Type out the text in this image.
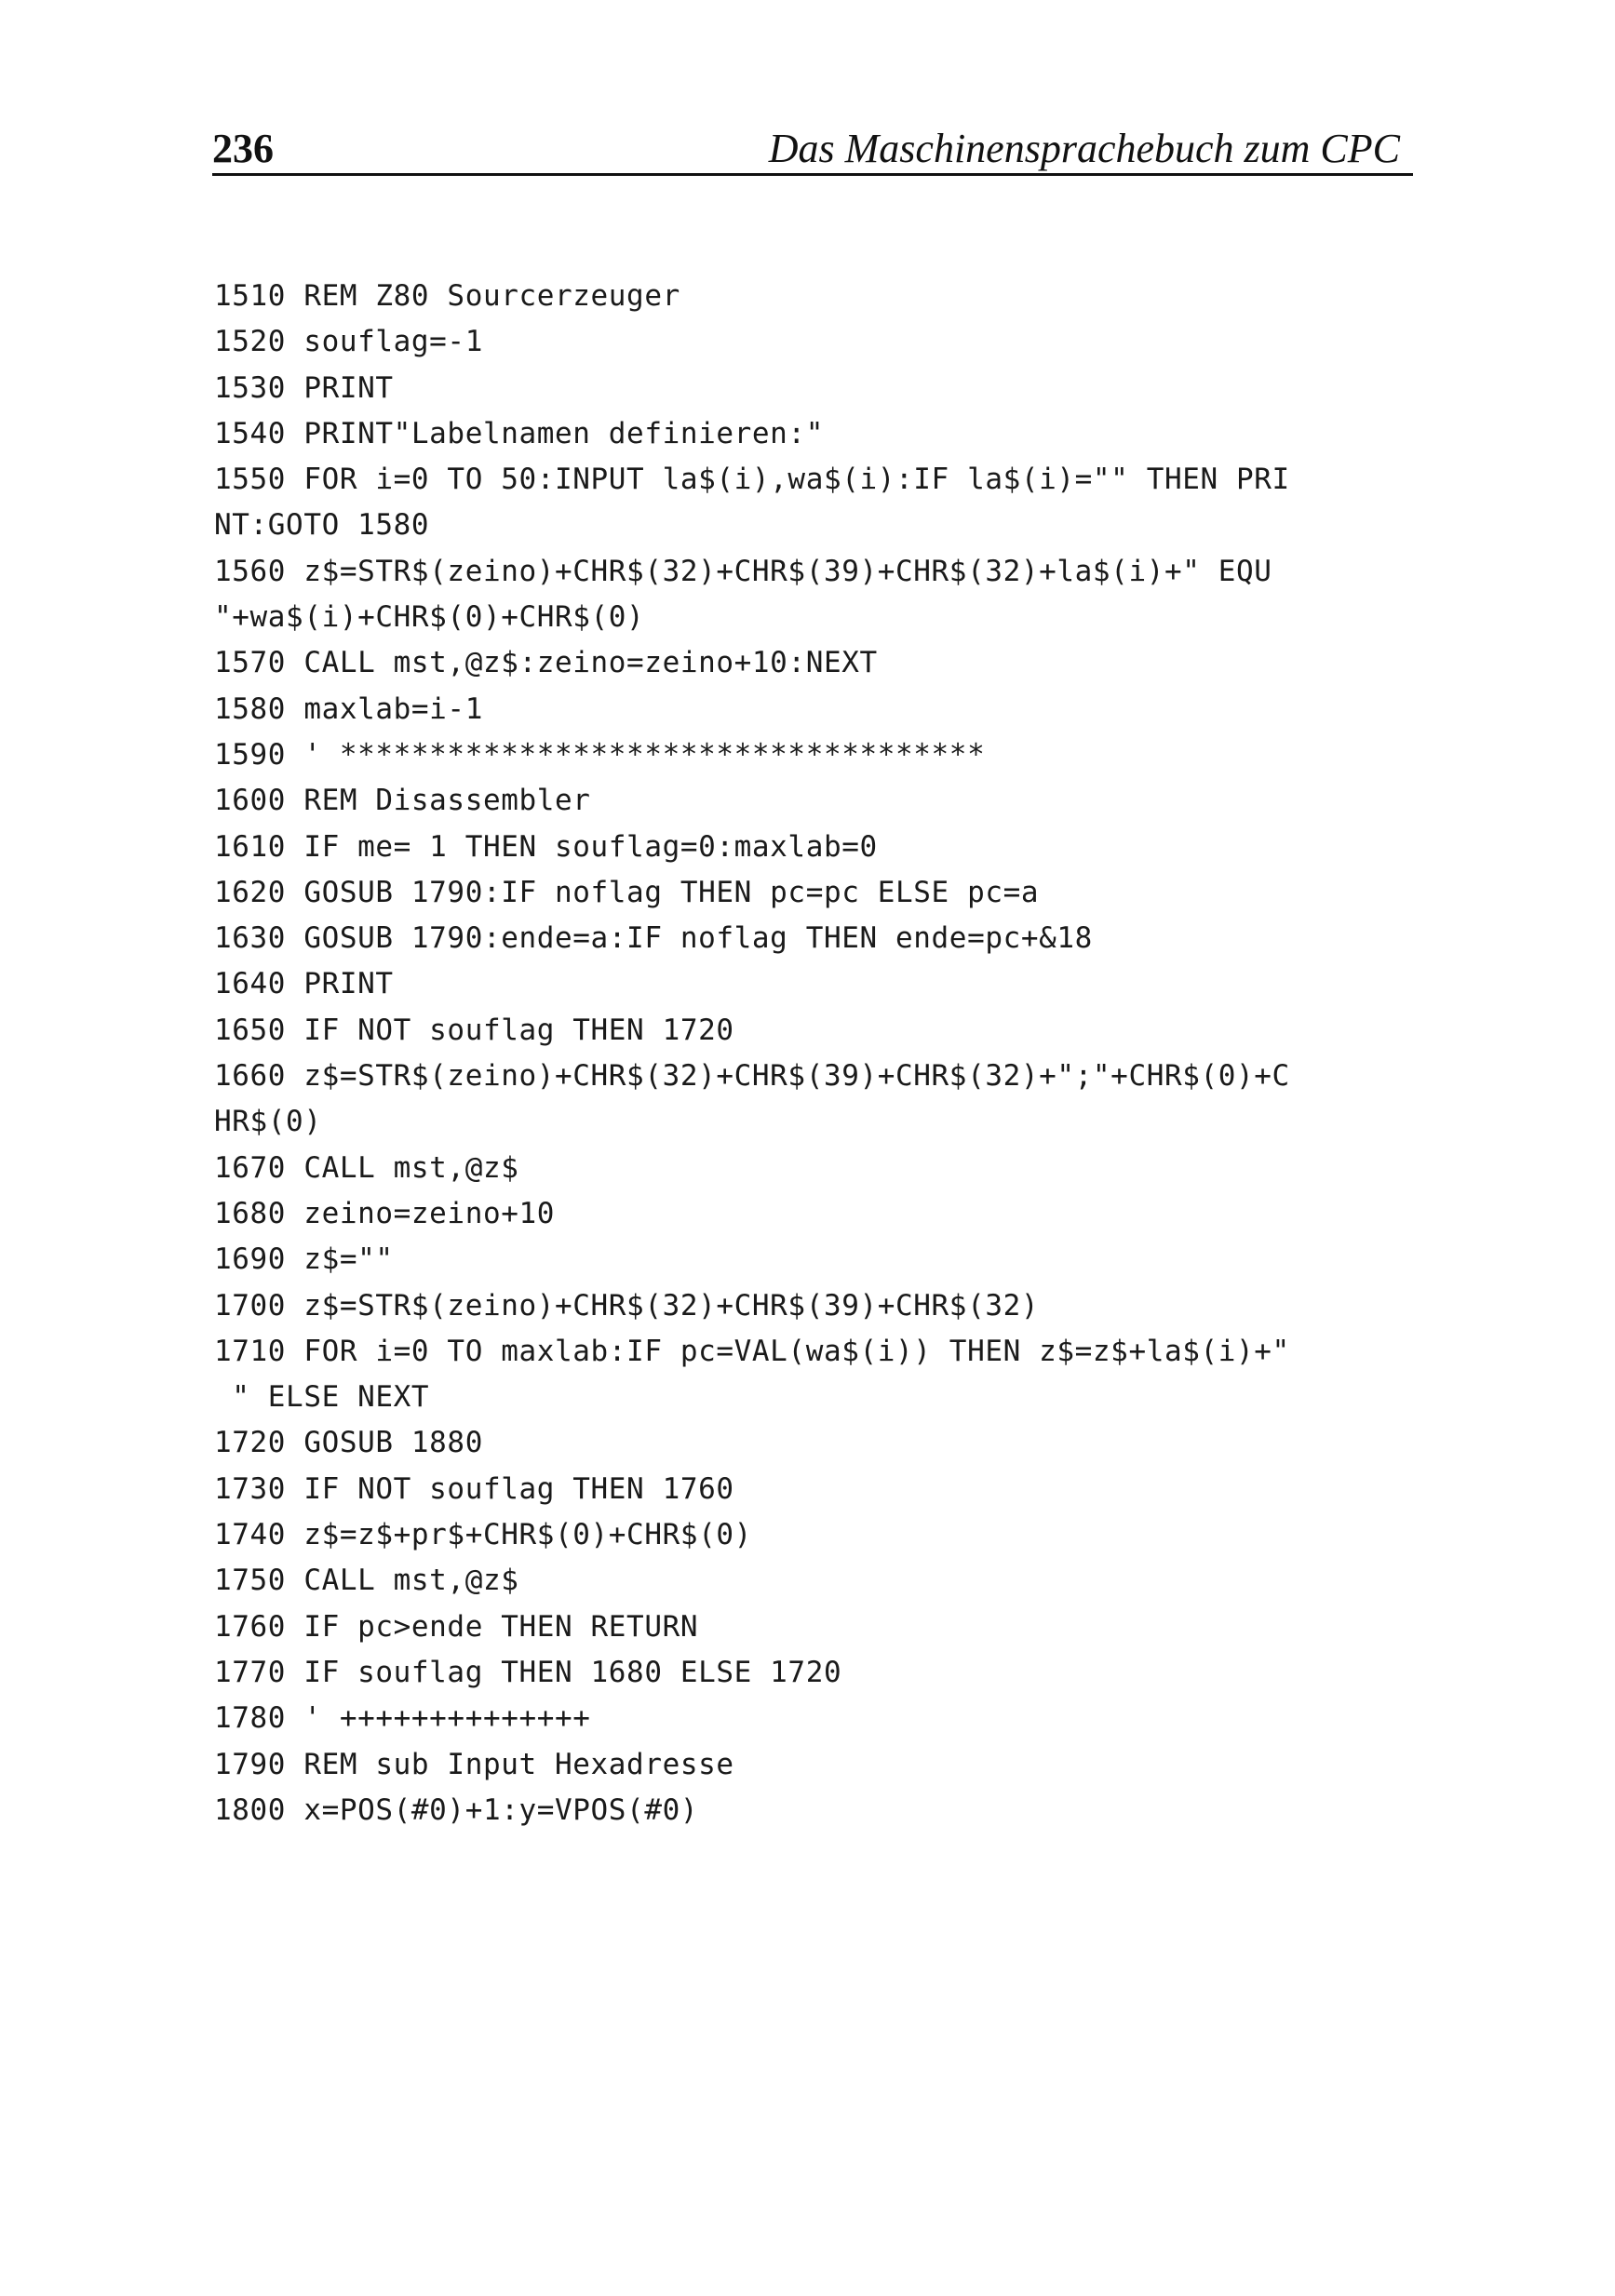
236	Das Maschinensprachebuch zum CPC
1510 REM Z80 Sourcerzeuger
1520 souflag=-1
1530 PRINT
1540 PRINT"Labelnamen definieren:"
1550 FOR i=0 TO 50:INPUT la$(i),wa$(i):IF la$(i)="" THEN PRI
NT:GOTO 1580
1560 z$=STR$(zeino)+CHR$(32)+CHR$(39)+CHR$(32)+la$(i)+" EQU
"+wa$(i)+CHR$(0)+CHR$(0)
1570 CALL mst,@z$:zeino=zeino+10:NEXT
1580 maxlab=i-1
1590 ' ************************************
1600 REM Disassembler
1610 IF me= 1 THEN souflag=0:maxlab=0
1620 GOSUB 1790:IF noflag THEN pc=pc ELSE pc=a
1630 GOSUB 1790:ende=a:IF noflag THEN ende=pc+&18
1640 PRINT
1650 IF NOT souflag THEN 1720
1660 z$=STR$(zeino)+CHR$(32)+CHR$(39)+CHR$(32)+";"+CHR$(0)+C
HR$(0)
1670 CALL mst,@z$
1680 zeino=zeino+10
1690 z$=""
1700 z$=STR$(zeino)+CHR$(32)+CHR$(39)+CHR$(32)
1710 FOR i=0 TO maxlab:IF pc=VAL(wa$(i)) THEN z$=z$+la$(i)+"
" ELSE NEXT
1720 GOSUB 1880
1730 IF NOT souflag THEN 1760
1740 z$=z$+pr$+CHR$(0)+CHR$(0)
1750 CALL mst,@z$
1760 IF pc>ende THEN RETURN
1770 IF souflag THEN 1680 ELSE 1720
1780 ' ++++++++++++++
1790 REM sub Input Hexadresse
1800 x=POS(#0)+1:y=VPOS(#0)
